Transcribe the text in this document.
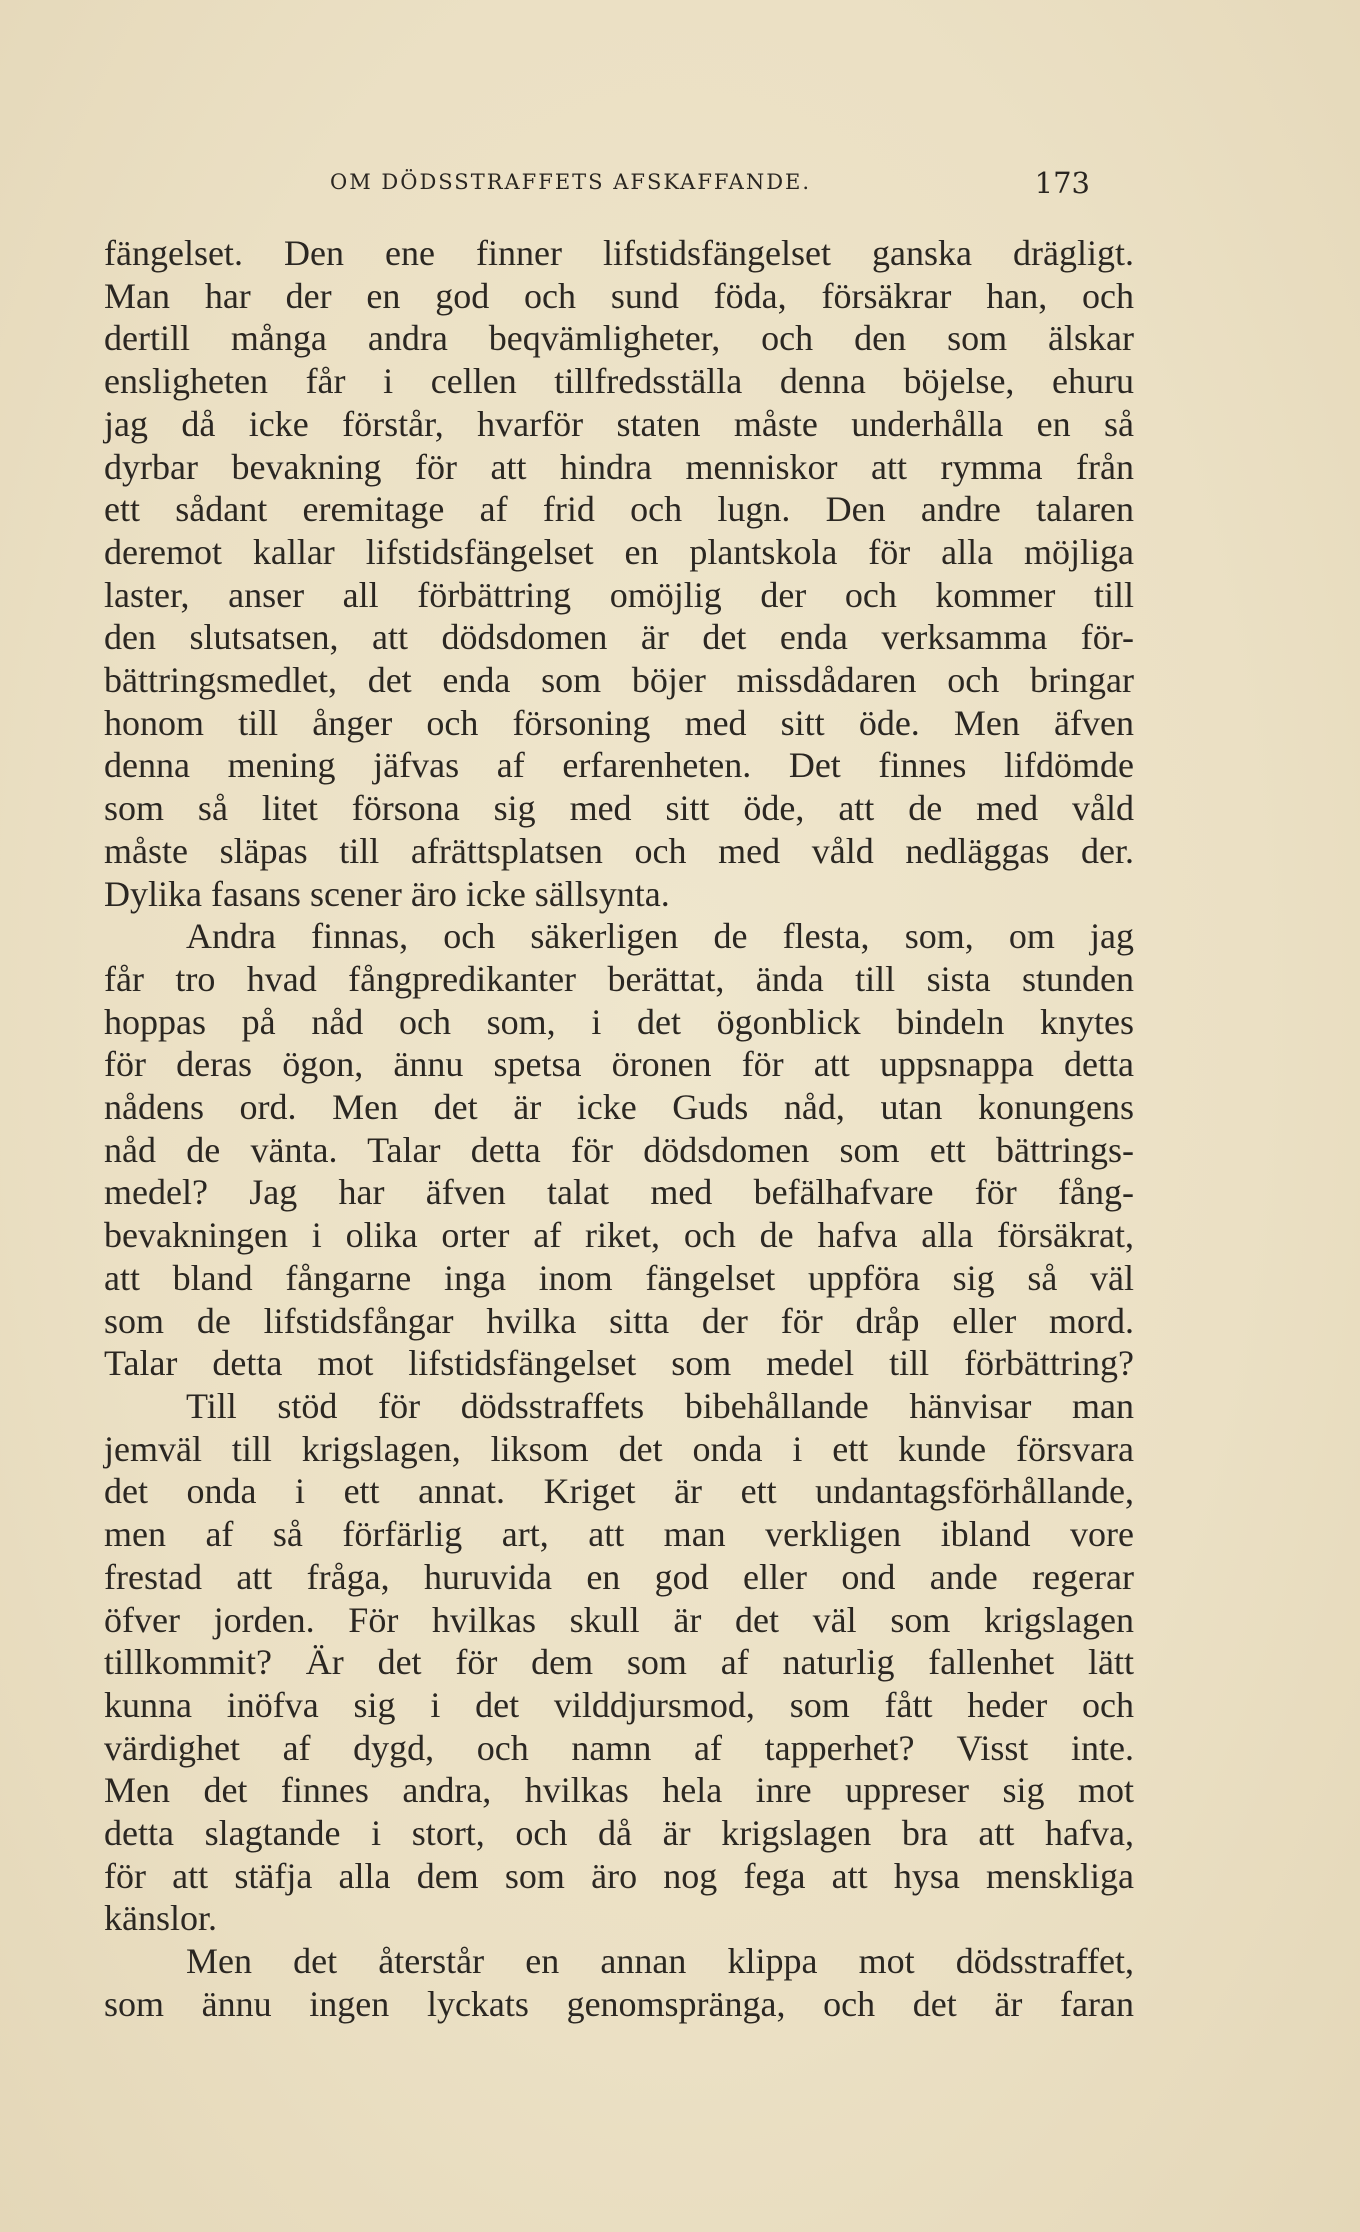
OM DÖDSSTRAFFETS AFSKAFFANDE.	173
fängelset. Den ene finner lifstidsfängelset ganska drägligt.
Man har der en god och sund föda, försäkrar han, och
dertill många andra beqvämligheter, och den som älskar
ensligheten får i cellen tillfredsställa denna böjelse, ehuru
jag då icke förstår, hvarför staten måste underhålla en så
dyrbar bevakning för att hindra menniskor att rymma från
ett sådant eremitage af frid och lugn. Den andre talaren
deremot kallar lifstidsfängelset en plantskola för alla möjliga
laster, anser all förbättring omöjlig der och kommer till
den slutsatsen, att dödsdomen är det enda verksamma för-
bättringsmedlet, det enda som böjer missdådaren och bringar
honom till ånger och försoning med sitt öde. Men äfven
denna mening jäfvas af erfarenheten. Det finnes lifdömde
som så litet försona sig med sitt öde, att de med våld
måste släpas till afrättsplatsen och med våld nedläggas der.
Dylika fasans scener äro icke sällsynta.
Andra finnas, och säkerligen de flesta, som, om jag
får tro hvad fångpredikanter berättat, ända till sista stunden
hoppas på nåd och som, i det ögonblick bindeln knytes
för deras ögon, ännu spetsa öronen för att uppsnappa detta
nådens ord. Men det är icke Guds nåd, utan konungens
nåd de vänta. Talar detta för dödsdomen som ett bättrings-
medel? Jag har äfven talat med befälhafvare för fång-
bevakningen i olika orter af riket, och de hafva alla försäkrat,
att bland fångarne inga inom fängelset uppföra sig så väl
som de lifstidsfångar hvilka sitta der för dråp eller mord.
Talar detta mot lifstidsfängelset som medel till förbättring?
Till stöd för dödsstraffets bibehållande hänvisar man
jemväl till krigslagen, liksom det onda i ett kunde försvara
det onda i ett annat. Kriget är ett undantagsförhållande,
men af så förfärlig art, att man verkligen ibland vore
frestad att fråga, huruvida en god eller ond ande regerar
öfver jorden. För hvilkas skull är det väl som krigslagen
tillkommit? Är det för dem som af naturlig fallenhet lätt
kunna inöfva sig i det vilddjursmod, som fått heder och
värdighet af dygd, och namn af tapperhet? Visst inte.
Men det finnes andra, hvilkas hela inre uppreser sig mot
detta slagtande i stort, och då är krigslagen bra att hafva,
för att stäfja alla dem som äro nog fega att hysa menskliga
känslor.
Men det återstår en annan klippa mot dödsstraffet,
som ännu ingen lyckats genomspränga, och det är faran
